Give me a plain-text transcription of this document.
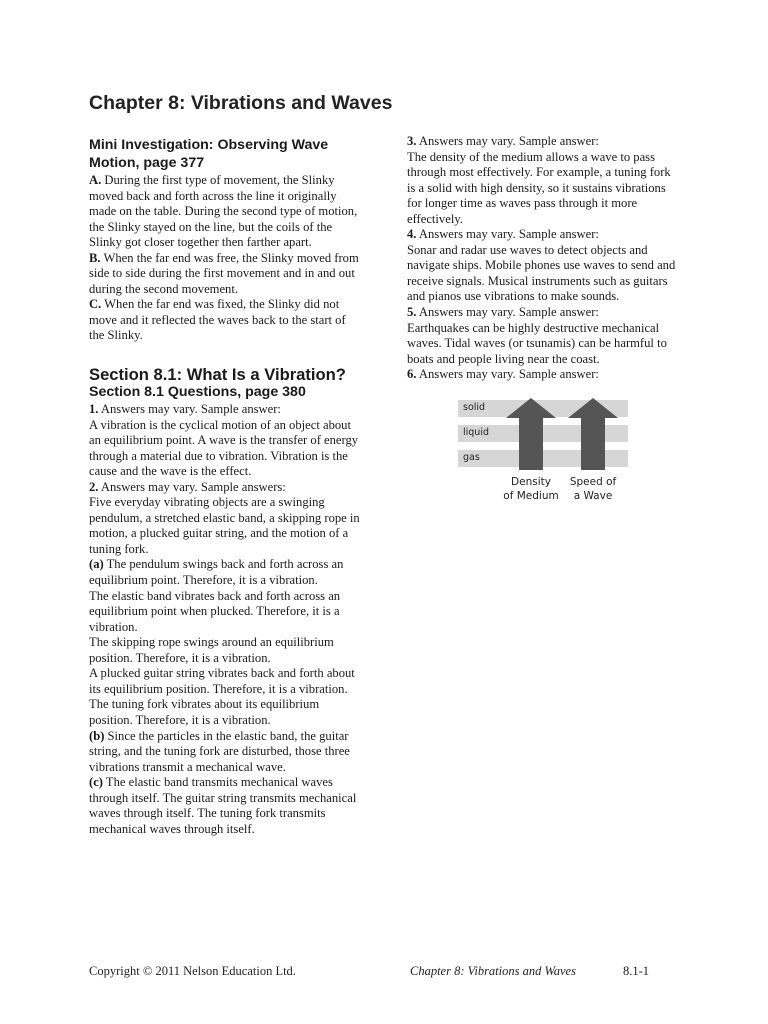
Chapter 8: Vibrations and Waves
Mini Investigation: Observing Wave Motion, page 377

A. During the first type of movement, the Slinky moved back and forth across the line it originally made on the table. During the second type of motion, the Slinky stayed on the line, but the coils of the Slinky got closer together then farther apart.

B. When the far end was free, the Slinky moved from side to side during the first movement and in and out during the second movement.

C. When the far end was fixed, the Slinky did not move and it reflected the waves back to the start of the Slinky.

Section 8.1: What Is a Vibration?
Section 8.1 Questions, page 380

1. Answers may vary. Sample answer:

A vibration is the cyclical motion of an object about an equilibrium point. A wave is the transfer of energy through a material due to vibration. Vibration is the cause and the wave is the effect.

2. Answers may vary. Sample answers:

Five everyday vibrating objects are a swinging pendulum, a stretched elastic band, a skipping rope in motion, a plucked guitar string, and the motion of a tuning fork.

(a) The pendulum swings back and forth across an equilibrium point. Therefore, it is a vibration.

The elastic band vibrates back and forth across an equilibrium point when plucked. Therefore, it is a vibration.

The skipping rope swings around an equilibrium position. Therefore, it is a vibration.

A plucked guitar string vibrates back and forth about its equilibrium position. Therefore, it is a vibration.

The tuning fork vibrates about its equilibrium position. Therefore, it is a vibration.

(b) Since the particles in the elastic band, the guitar string, and the tuning fork are disturbed, those three vibrations transmit a mechanical wave.

(c) The elastic band transmits mechanical waves through itself. The guitar string transmits mechanical waves through itself. The tuning fork transmits mechanical waves through itself.

3. Answers may vary. Sample answer:

The density of the medium allows a wave to pass through most effectively. For example, a tuning fork is a solid with high density, so it sustains vibrations for longer time as waves pass through it more effectively.

4. Answers may vary. Sample answer:

Sonar and radar use waves to detect objects and navigate ships. Mobile phones use waves to send and receive signals. Musical instruments such as guitars and pianos use vibrations to make sounds.

5. Answers may vary. Sample answer:

Earthquakes can be highly destructive mechanical waves. Tidal waves (or tsunamis) can be harmful to boats and people living near the coast.

6. Answers may vary. Sample answer:

solid
liquid
gas
Density
of Medium
Speed of
a Wave
Copyright © 2011 Nelson Education Ltd.	Chapter 8: Vibrations and Waves	8.1-1
